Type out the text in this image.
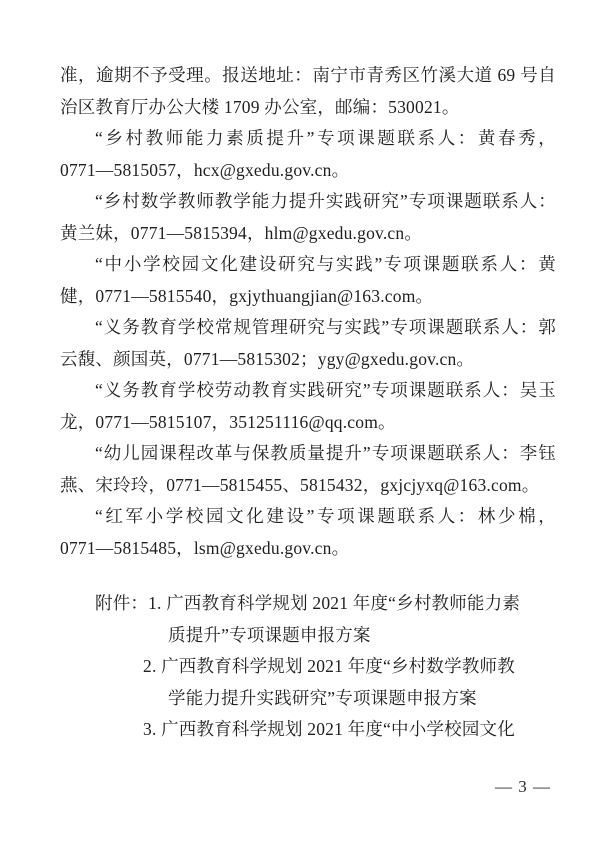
准，逾期不予受理。报送地址：南宁市青秀区竹溪大道 69 号自
治区教育厅办公大楼 1709 办公室，邮编：530021。
“乡村教师能力素质提升”专项课题联系人：黄春秀，
0771—5815057，hcx@gxedu.gov.cn。
“乡村数学教师教学能力提升实践研究”专项课题联系人：
黄兰妹，0771—5815394，hlm@gxedu.gov.cn。
“中小学校园文化建设研究与实践”专项课题联系人：黄
健，0771—5815540，gxjythuangjian@163.com。
“义务教育学校常规管理研究与实践”专项课题联系人：郭
云馥、颜国英，0771—5815302；ygy@gxedu.gov.cn。
“义务教育学校劳动教育实践研究”专项课题联系人：吴玉
龙，0771—5815107，351251116@qq.com。
“幼儿园课程改革与保教质量提升”专项课题联系人：李钰
燕、宋玲玲，0771—5815455、5815432，gxjcjyxq@163.com。
“红军小学校园文化建设”专项课题联系人：林少棉，
0771—5815485，lsm@gxedu.gov.cn。
附件：1. 广西教育科学规划 2021 年度“乡村教师能力素
质提升”专项课题申报方案
2. 广西教育科学规划 2021 年度“乡村数学教师教
学能力提升实践研究”专项课题申报方案
3. 广西教育科学规划 2021 年度“中小学校园文化
— 3 —
